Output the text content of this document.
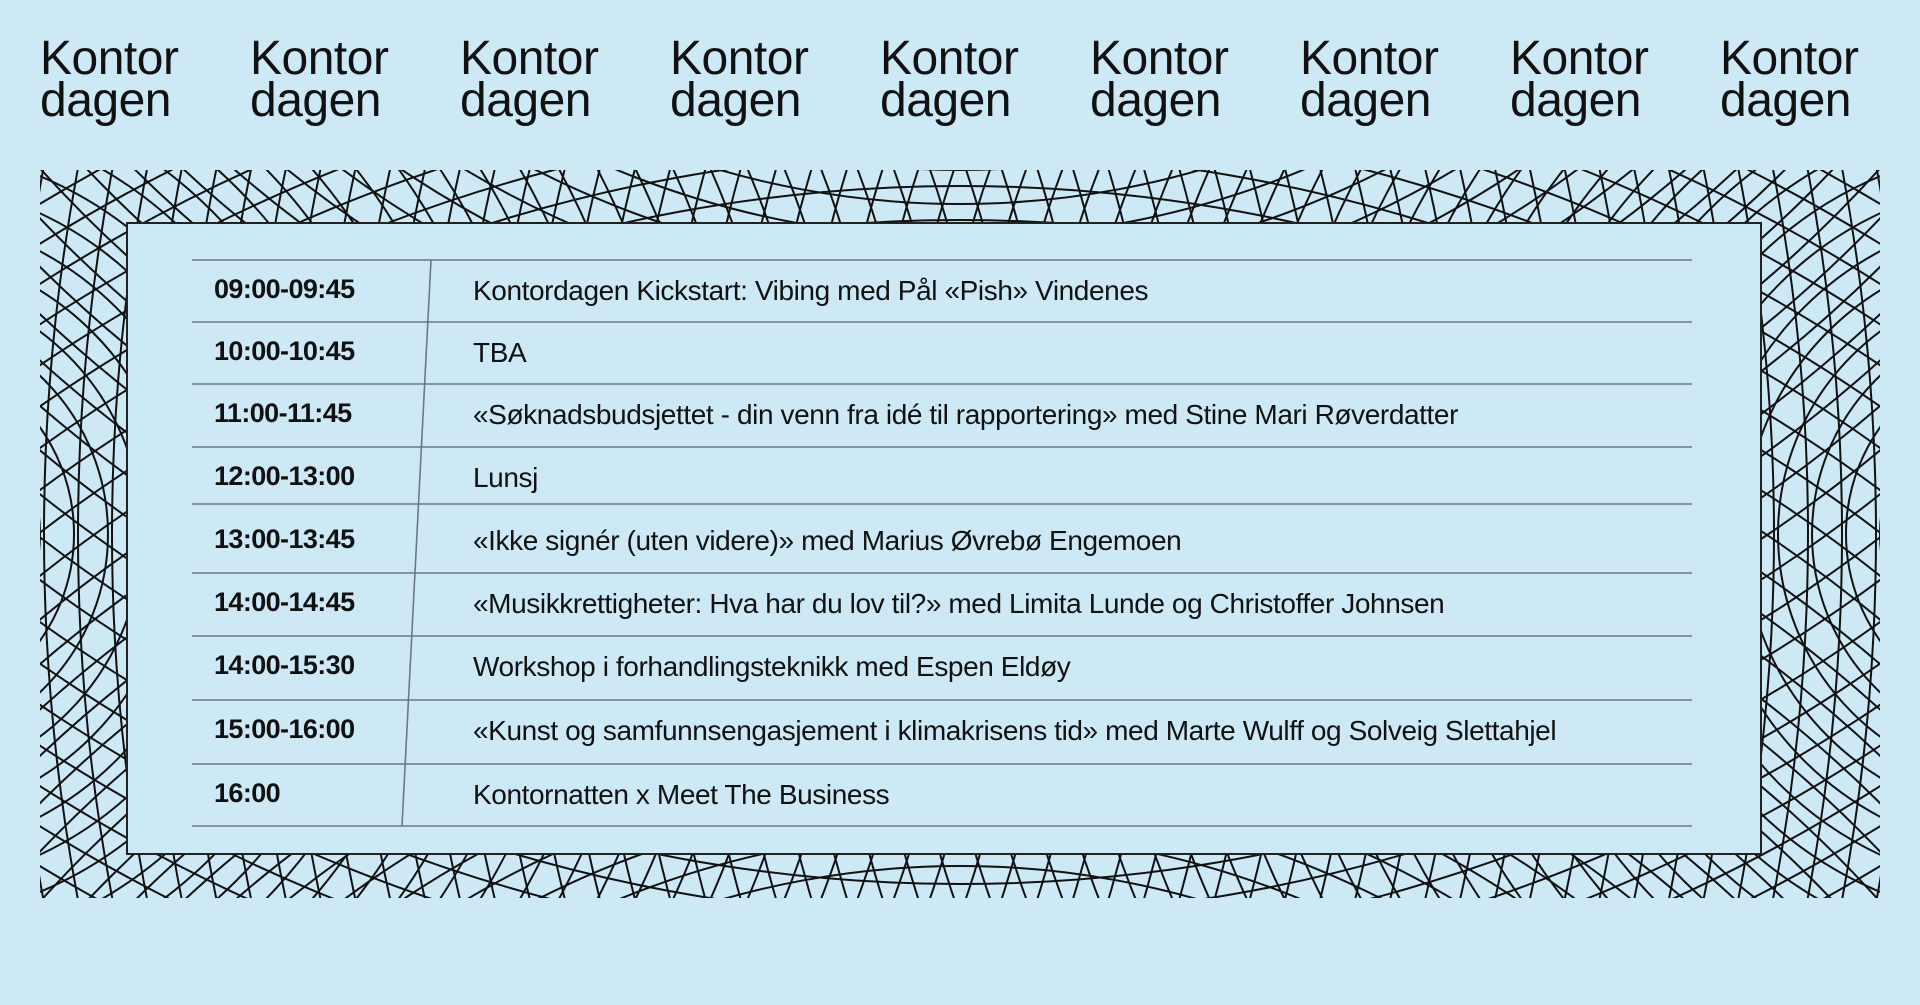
Kontor
dagen
Kontor
dagen
Kontor
dagen
Kontor
dagen
Kontor
dagen
Kontor
dagen
Kontor
dagen
Kontor
dagen
Kontor
dagen
09:00-09:45	Kontordagen Kickstart: Vibing med Pål «Pish» Vindenes
10:00-10:45	TBA
11:00-11:45	«Søknadsbudsjettet - din venn fra idé til rapportering» med Stine Mari Røverdatter
12:00-13:00	Lunsj
13:00-13:45	«Ikke signér (uten videre)» med Marius Øvrebø Engemoen
14:00-14:45	«Musikkrettigheter: Hva har du lov til?» med Limita Lunde og Christoffer Johnsen
14:00-15:30	Workshop i forhandlingsteknikk med Espen Eldøy
15:00-16:00	«Kunst og samfunnsengasjement i klimakrisens tid» med Marte Wulff og Solveig Slettahjel
16:00	Kontornatten x Meet The Business
